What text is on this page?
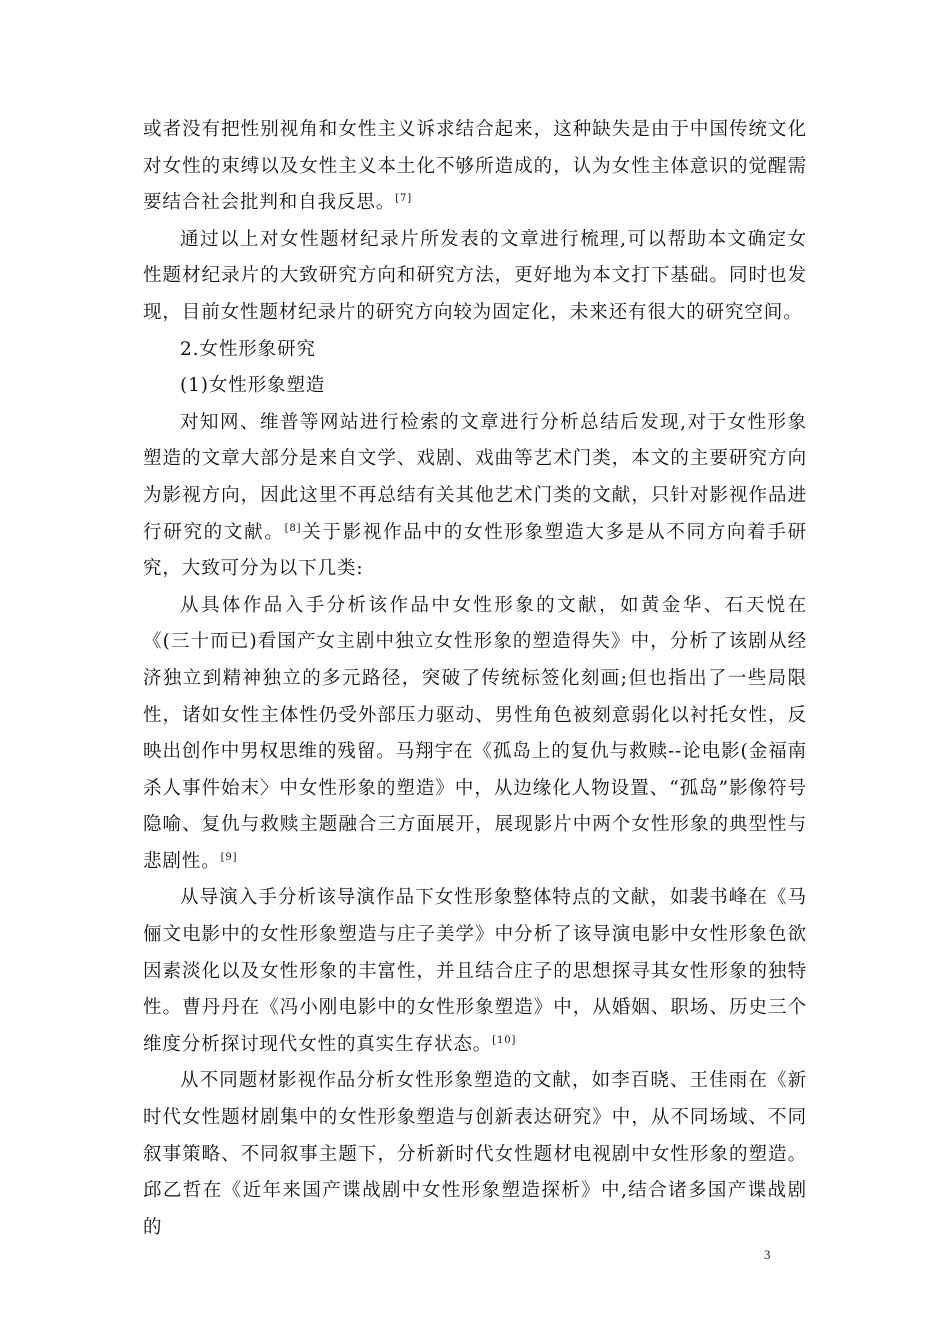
或者没有把性别视角和女性主义诉求结合起来，这种缺失是由于中国传统文化对女性的束缚以及女性主义本土化不够所造成的，认为女性主体意识的觉醒需要结合社会批判和自我反思。[7]

通过以上对女性题材纪录片所发表的文章进行梳理,可以帮助本文确定女性题材纪录片的大致研究方向和研究方法，更好地为本文打下基础。同时也发现，目前女性题材纪录片的研究方向较为固定化，未来还有很大的研究空间。

2.女性形象研究

(1)女性形象塑造

对知网、维普等网站进行检索的文章进行分析总结后发现,对于女性形象塑造的文章大部分是来自文学、戏剧、戏曲等艺术门类，本文的主要研究方向为影视方向，因此这里不再总结有关其他艺术门类的文献，只针对影视作品进行研究的文献。[8]关于影视作品中的女性形象塑造大多是从不同方向着手研究，大致可分为以下几类:

从具体作品入手分析该作品中女性形象的文献，如黄金华、石天悦在《(三十而已)看国产女主剧中独立女性形象的塑造得失》中，分析了该剧从经济独立到精神独立的多元路径，突破了传统标签化刻画;但也指出了一些局限性，诸如女性主体性仍受外部压力驱动、男性角色被刻意弱化以衬托女性，反映出创作中男权思维的残留。马翔宇在《孤岛上的复仇与救赎--论电影(金福南杀人事件始末〉中女性形象的塑造》中，从边缘化人物设置、“孤岛”影像符号隐喻、复仇与救赎主题融合三方面展开，展现影片中两个女性形象的典型性与悲剧性。[9]

从导演入手分析该导演作品下女性形象整体特点的文献，如裴书峰在《马俪文电影中的女性形象塑造与庄子美学》中分析了该导演电影中女性形象色欲因素淡化以及女性形象的丰富性，并且结合庄子的思想探寻其女性形象的独特性。曹丹丹在《冯小刚电影中的女性形象塑造》中，从婚姻、职场、历史三个维度分析探讨现代女性的真实生存状态。[10]

从不同题材影视作品分析女性形象塑造的文献，如李百晓、王佳雨在《新时代女性题材剧集中的女性形象塑造与创新表达研究》中，从不同场域、不同叙事策略、不同叙事主题下，分析新时代女性题材电视剧中女性形象的塑造。邱乙哲在《近年来国产谍战剧中女性形象塑造探析》中,结合诸多国产谍战剧的

3
